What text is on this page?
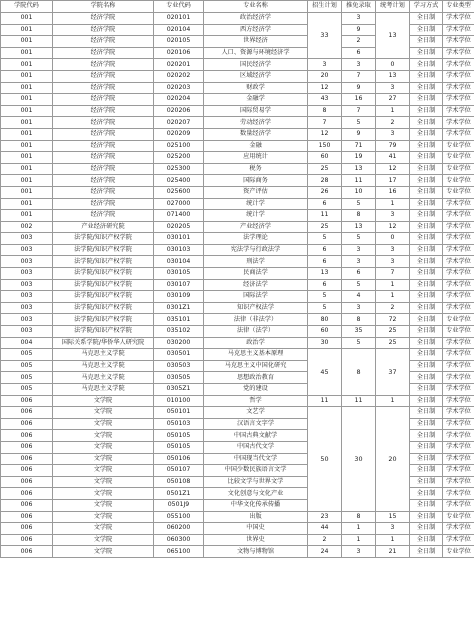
学院代码	学院名称	专业代码	专业名称	招生计划	推免录取	统考计划	学习方式	专业类型
001	经济学院	020101	政治经济学	33	3	13	全日制	学术学位
001	经济学院	020104	西方经济学		9		全日制	学术学位
001	经济学院	020105	世界经济		2		全日制	学术学位
001	经济学院	020106	人口、资源与环境经济学		6		全日制	学术学位
001	经济学院	020201	国民经济学	3	3	0	全日制	学术学位
001	经济学院	020202	区域经济学	20	7	13	全日制	学术学位
001	经济学院	020203	财政学	12	9	3	全日制	学术学位
001	经济学院	020204	金融学	43	16	27	全日制	学术学位
001	经济学院	020206	国际贸易学	8	7	1	全日制	学术学位
001	经济学院	020207	劳动经济学	7	5	2	全日制	学术学位
001	经济学院	020209	数量经济学	12	9	3	全日制	学术学位
001	经济学院	025100	金融	150	71	79	全日制	专业学位
001	经济学院	025200	应用统计	60	19	41	全日制	专业学位
001	经济学院	025300	税务	25	13	12	全日制	专业学位
001	经济学院	025400	国际商务	28	11	17	全日制	专业学位
001	经济学院	025600	资产评估	26	10	16	全日制	专业学位
001	经济学院	027000	统计学	6	5	1	全日制	学术学位
001	经济学院	071400	统计学	11	8	3	全日制	学术学位
002	产业经济研究院	020205	产业经济学	25	13	12	全日制	学术学位
003	法学院/知识产权学院	030101	法学理论	5	5	0	全日制	学术学位
003	法学院/知识产权学院	030103	宪法学与行政法学	6	3	3	全日制	学术学位
003	法学院/知识产权学院	030104	刑法学	6	3	3	全日制	学术学位
003	法学院/知识产权学院	030105	民商法学	13	6	7	全日制	学术学位
003	法学院/知识产权学院	030107	经济法学	6	5	1	全日制	学术学位
003	法学院/知识产权学院	030109	国际法学	5	4	1	全日制	学术学位
003	法学院/知识产权学院	0301Z1	知识产权法学	5	3	2	全日制	学术学位
003	法学院/知识产权学院	035101	法律（非法学）	80	8	72	全日制	专业学位
003	法学院/知识产权学院	035102	法律（法学）	60	35	25	全日制	专业学位
004	国际关系学院/华侨华人研究院	030200	政治学	30	5	25	全日制	学术学位
005	马克思主义学院	030501	马克思主义基本原理	45	8	37	全日制	学术学位
005	马克思主义学院	030503	马克思主义中国化研究				全日制	学术学位
005	马克思主义学院	030505	思想政治教育				全日制	学术学位
005	马克思主义学院	0305Z1	党的建设				全日制	学术学位
006	文学院	010100	哲学	11	11	1	全日制	学术学位
006	文学院	050101	文艺学	50	30	20	全日制	学术学位
006	文学院	050103	汉语言文字学				全日制	学术学位
006	文学院	050105	中国古典文献学				全日制	学术学位
006	文学院	050105	中国古代文学				全日制	学术学位
006	文学院	050106	中国现当代文学				全日制	学术学位
006	文学院	050107	中国少数民族语言文学				全日制	学术学位
006	文学院	050108	比较文学与世界文学				全日制	学术学位
006	文学院	0501Z1	文化创意与文化产业				全日制	学术学位
006	文学院	0501J9	中华文化传承传播				全日制	学术学位
006	文学院	055100	出版	23	8	15	全日制	专业学位
006	文学院	060200	中国史	44	1	3	全日制	学术学位
006	文学院	060300	世界史	2	1	1	全日制	学术学位
006	文学院	065100	文物与博物馆	24	3	21	全日制	专业学位
